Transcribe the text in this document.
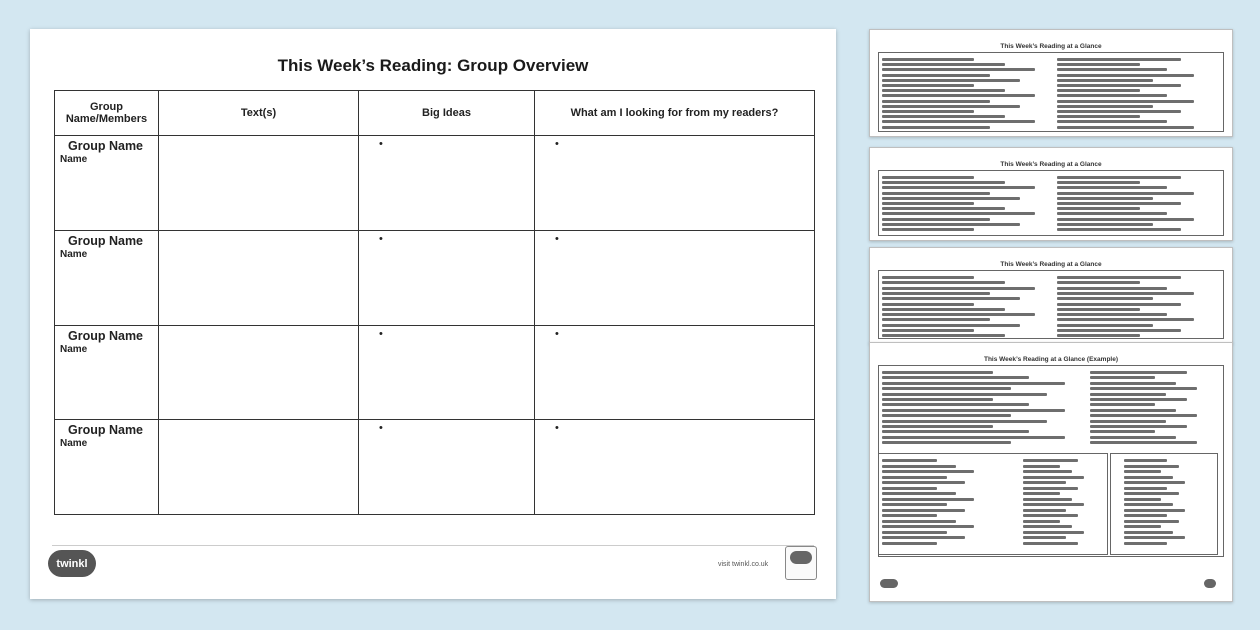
This Week’s Reading: Group Overview
Group Name/Members	Text(s)	Big Ideas	What am I looking for from my readers?

Group Name
Name		•	•

Group Name
Name		•	•

Group Name
Name		•	•

Group Name
Name		•	•
twinkl	visit twinkl.co.uk
This Week’s Reading at a Glance
This Week’s Reading at a Glance
This Week’s Reading at a Glance
This Week’s Reading at a Glance (Example)
